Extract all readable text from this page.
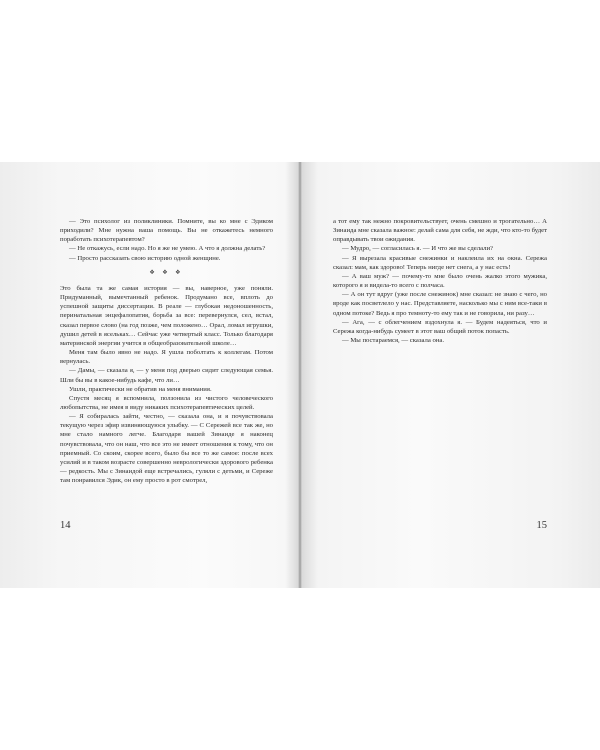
— Это психолог из поликлиники. Помните, вы ко мне с Эдиком приходили? Мне нужна ваша помощь. Вы не откажетесь немного поработать психотерапевтом?

— Не откажусь, если надо. Но я же не умею. А что я должна делать?

— Просто рассказать свою историю одной женщине.

❖ ❖ ❖

Это была та же самая история — вы, наверное, уже поняли. Придуманный, вымечтанный ребенок. Продумано все, вплоть до успешной защиты диссертации. В реале — глубокая недоношенность, перинатальная энцефалопатия, борьба за все: перевернулся, сел, встал, сказал первое слово (на год позже, чем положено… Орал, ломал игрушки, душил детей в ясельках… Сейчас уже четвертый класс. Только благодаря материнской энергии учится в общеобразовательной школе…

Меня там было явно не надо. Я ушла поболтать к коллегам. Потом вернулась.

— Дамы, — сказала я, — у меня под дверью сидит следующая семья. Шли бы вы в какое-нибудь кафе, что ли…

Ушли, практически не обратив на меня внимания.

Спустя месяц я вспомнила, ползонила из чистого человеческого любопытства, не имея в виду никаких психотерапевтических целей.

— Я собиралась зайти, честно, — сказала она, и я почувствовала текущую через эфир извиняющуюся улыбку. — С Сережей все так же, но мне стало намного легче. Благодаря вашей Зинаиде я наконец почувствовала, что он наш, что все это не имеет отношения к тому, что он приемный. Со скоим, скорее всего, было бы все то же самое: после всех усилий и в таком возрасте совершенно неврологически здорового ребенка — редкость. Мы с Зинаидой еще встречались, гуляли с детьми, и Сереже там понравился Эдик, он ему просто в рот смотрел,

14

а тот ему так нежно покровительствует, очень смешно и трогательно… А Зинаида мне сказала важное: делай сама для себя, не жди, что кто-то будет оправдывать твои ожидания.

— Мудро, — согласилась я. — И что же вы сделали?

— Я вырезала красивые снежинки и наклеила их на окна. Сережа сказал: мам, как здорово! Теперь нигде нет снега, а у нас есть!

— А ваш муж? — почему-то мне было очень жалко этого мужика, которого я и видела-то всего с полчаса.

— А он тут вдруг (уже после снежинок) мне сказал: не знаю с чего, но вроде как посветлело у нас. Представляете, насколько мы с ним все-таки в одном потоке? Ведь я про темноту-то ему так и не говорила, ни разу…

— Ага, — с облегчением вздохнула я. — Будем надеяться, что и Сережа когда-нибудь сумеет в этот ваш общий поток попасть.

— Мы постараемся, — сказала она.

15
